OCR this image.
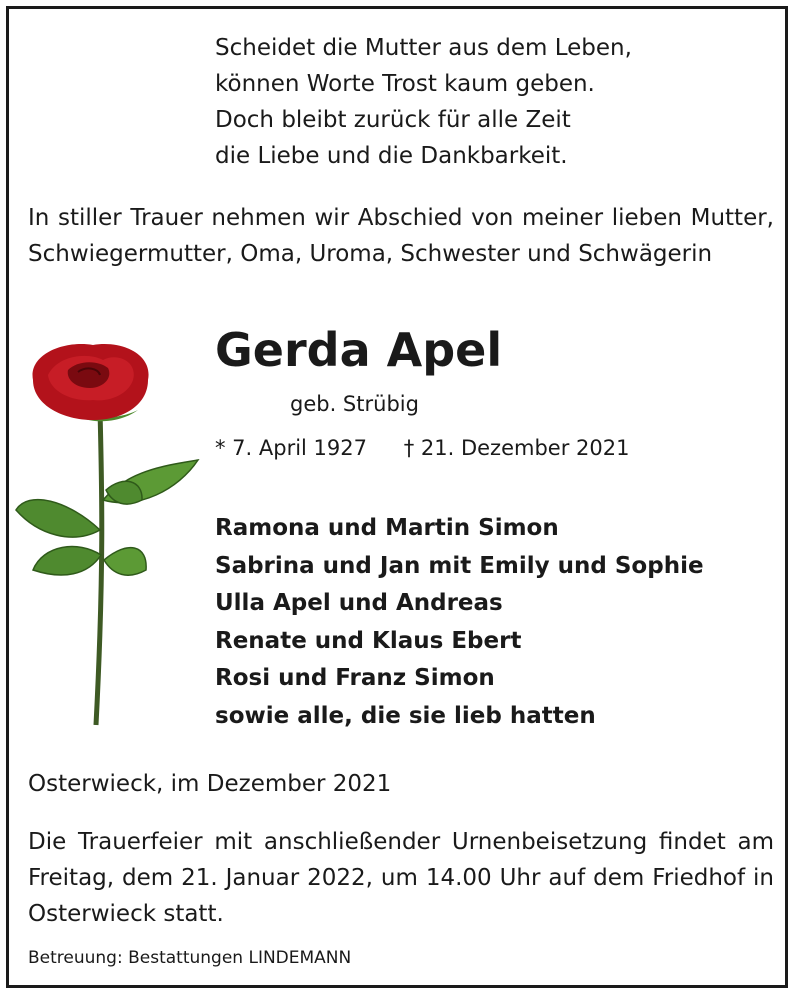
Scheidet die Mutter aus dem Leben,
können Worte Trost kaum geben.
Doch bleibt zurück für alle Zeit
die Liebe und die Dankbarkeit.
In stiller Trauer nehmen wir Abschied von meiner lieben Mutter, Schwiegermutter, Oma, Uroma, Schwester und Schwägerin
Gerda Apel
geb. Strübig
* 7. April 1927 † 21. Dezember 2021
Ramona und Martin Simon
Sabrina und Jan mit Emily und Sophie
Ulla Apel und Andreas
Renate und Klaus Ebert
Rosi und Franz Simon
sowie alle, die sie lieb hatten
Osterwieck, im Dezember 2021
Die Trauerfeier mit anschließender Urnenbeisetzung findet am Freitag, dem 21. Januar 2022, um 14.00 Uhr auf dem Friedhof in Osterwieck statt.
Betreuung: Bestattungen LINDEMANN
